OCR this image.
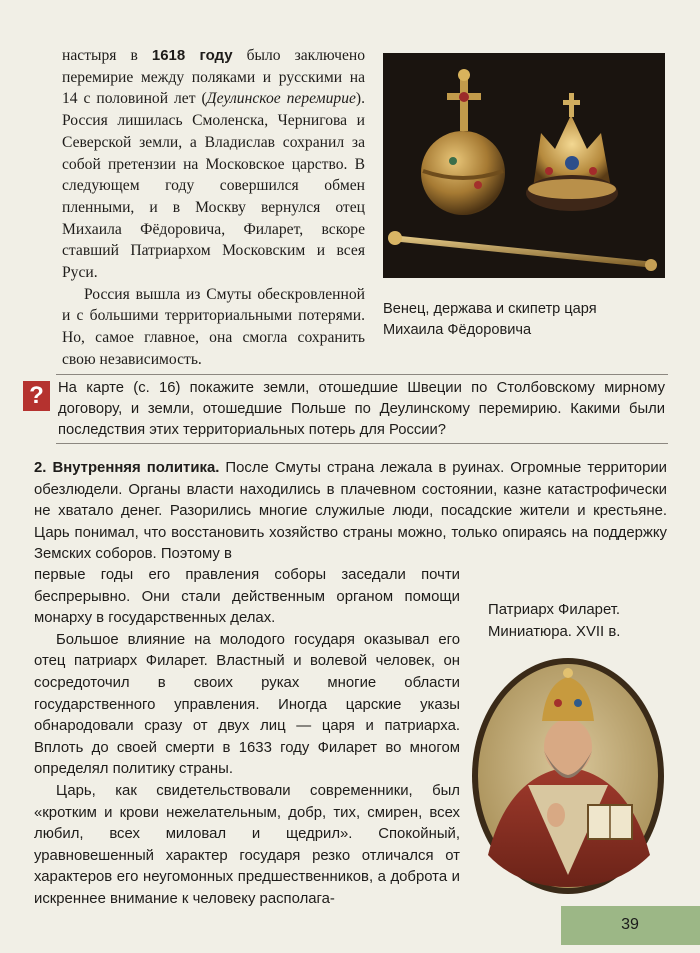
настыря в 1618 году было заключено перемирие между поляками и русскими на 14 с половиной лет (Деулинское перемирие). Россия лишилась Смоленска, Чернигова и Северской земли, а Владислав сохранил за собой претензии на Московское царство. В следующем году совершился обмен пленными, и в Москву вернулся отец Михаила Фёдоровича, Филарет, вскоре ставший Патриархом Московским и всея Руси.

Россия вышла из Смуты обескровленной и с большими территориальными потерями. Но, самое главное, она смогла сохранить свою независимость.

Венец, держава и скипетр царя
Михаила Фёдоровича
? На карте (с. 16) покажите земли, отошедшие Швеции по Столбовскому мирному договору, и земли, отошедшие Польше по Деулинскому перемирию. Какими были последствия этих территориальных потерь для России?

2. Внутренняя политика. После Смуты страна лежала в руинах. Огромные территории обезлюдели. Органы власти находились в плачевном состоянии, казне катастрофически не хватало денег. Разорились многие служилые люди, посадские жители и крестьяне. Царь понимал, что восстановить хозяйство страны можно, только опираясь на поддержку Земских соборов. Поэтому в

первые годы его правления соборы заседали почти беспрерывно. Они стали действенным органом помощи монарху в государственных делах.

Большое влияние на молодого государя оказывал его отец патриарх Филарет. Властный и волевой человек, он сосредоточил в своих руках многие области государственного управления. Иногда царские указы обнародовали сразу от двух лиц — царя и патриарха. Вплоть до своей смерти в 1633 году Филарет во многом определял политику страны.

Царь, как свидетельствовали современники, был «кротким и крови нежелательным, добр, тих, смирен, всех любил, всех миловал и щедрил». Спокойный, уравновешенный характер государя резко отличался от характеров его неугомонных предшественников, а доброта и искреннее внимание к человеку располага-

Патриарх Филарет.
Миниатюра. XVII в.
39
